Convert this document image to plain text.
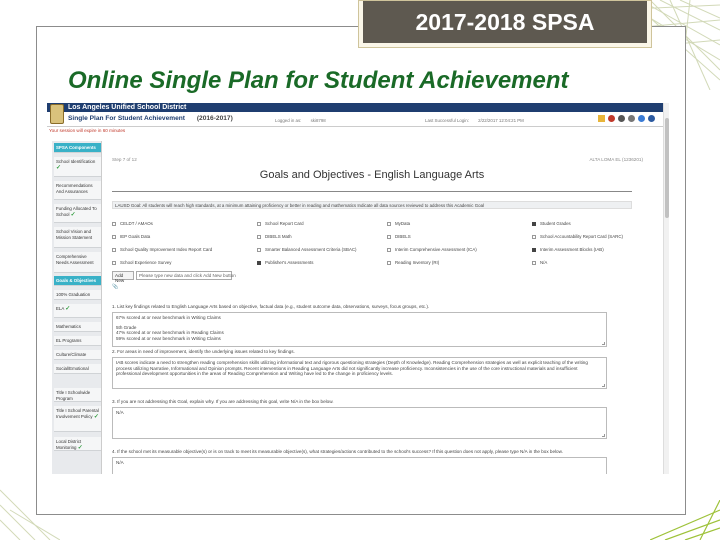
2017-2018 SPSA
Online Single Plan for Student Achievement
Los Angeles Unified School District
Single Plan For Student Achievement (2016-2017)	Logged in as: ski8798	Last Successful Login: 2/22/2017 12:04:21 PM
Your session will expire in 60 minutes
SPSA Components
School Identification ✓
Recommendations And Assurances
Funding Allocated To School ✓
School Vision and Mission Statement
Comprehensive Needs Assessment
Goals & Objectives
100% Graduation
ELA ✓
Mathematics
EL Programs
Culture/Climate
Social/Emotional
Title I Schoolwide Program
Title I School Parental Involvement Policy ✓
Local District Monitoring ✓
Step 7 of 12	ALTA LOMA EL (1236201)
Goals and Objectives - English Language Arts
LAUSD Goal: All students will reach high standards, at a minimum attaining proficiency or better in reading and mathematics Indicate all data sources reviewed to address this Academic Goal
CELDT / AMAOs	School Report Card	MyData	Student Grades
IEP Goals Data	DIBELS Math	DIBELS	School Accountability Report Card (SARC)
School Quality Improvement Index Report Card	Smarter Balanced Assessment Criteria (SBAC)	Interim Comprehensive Assessment (ICA)	Interim Assessment Blocks (IAB)
School Experience Survey	Publisher's Assessments	Reading Inventory (RI)	N/A
Add New
Please type new data and click Add New button
📎
1. List key findings related to English Language Arts based on objective, factual data (e.g., student outcome data, observations, surveys, focus groups, etc.).
67% scored at or near benchmark in Writing Claims
5th Grade
47% scored at or near benchmark in Reading Claims
59% scored at or near benchmark in Writing Claims
2. For areas in need of improvement, identify the underlying issues related to key findings.
IAB scores indicate a need to strengthen reading comprehension skills utilizing informational text and rigorous questioning strategies (Depth of Knowledge). Reading Comprehension strategies as well as explicit teaching of the writing process utilizing Narrative, Informational and Opinion prompts. Recent interventions in Reading Language Arts did not significantly increase proficiency. Inconsistencies in the use of the core instructional materials and insufficient professional development opportunities in the areas of Reading Comprehension and Writing have led to the change in proficiency levels.
3. If you are not addressing this Goal, explain why. If you are addressing this goal, write N/A in the box below.
N/A
4. If the school met its measurable objective(s) or is on track to meet its measurable objective(s), what strategies/actions contributed to the school's success? If this question does not apply, please type N/A in the box below.
N/A
